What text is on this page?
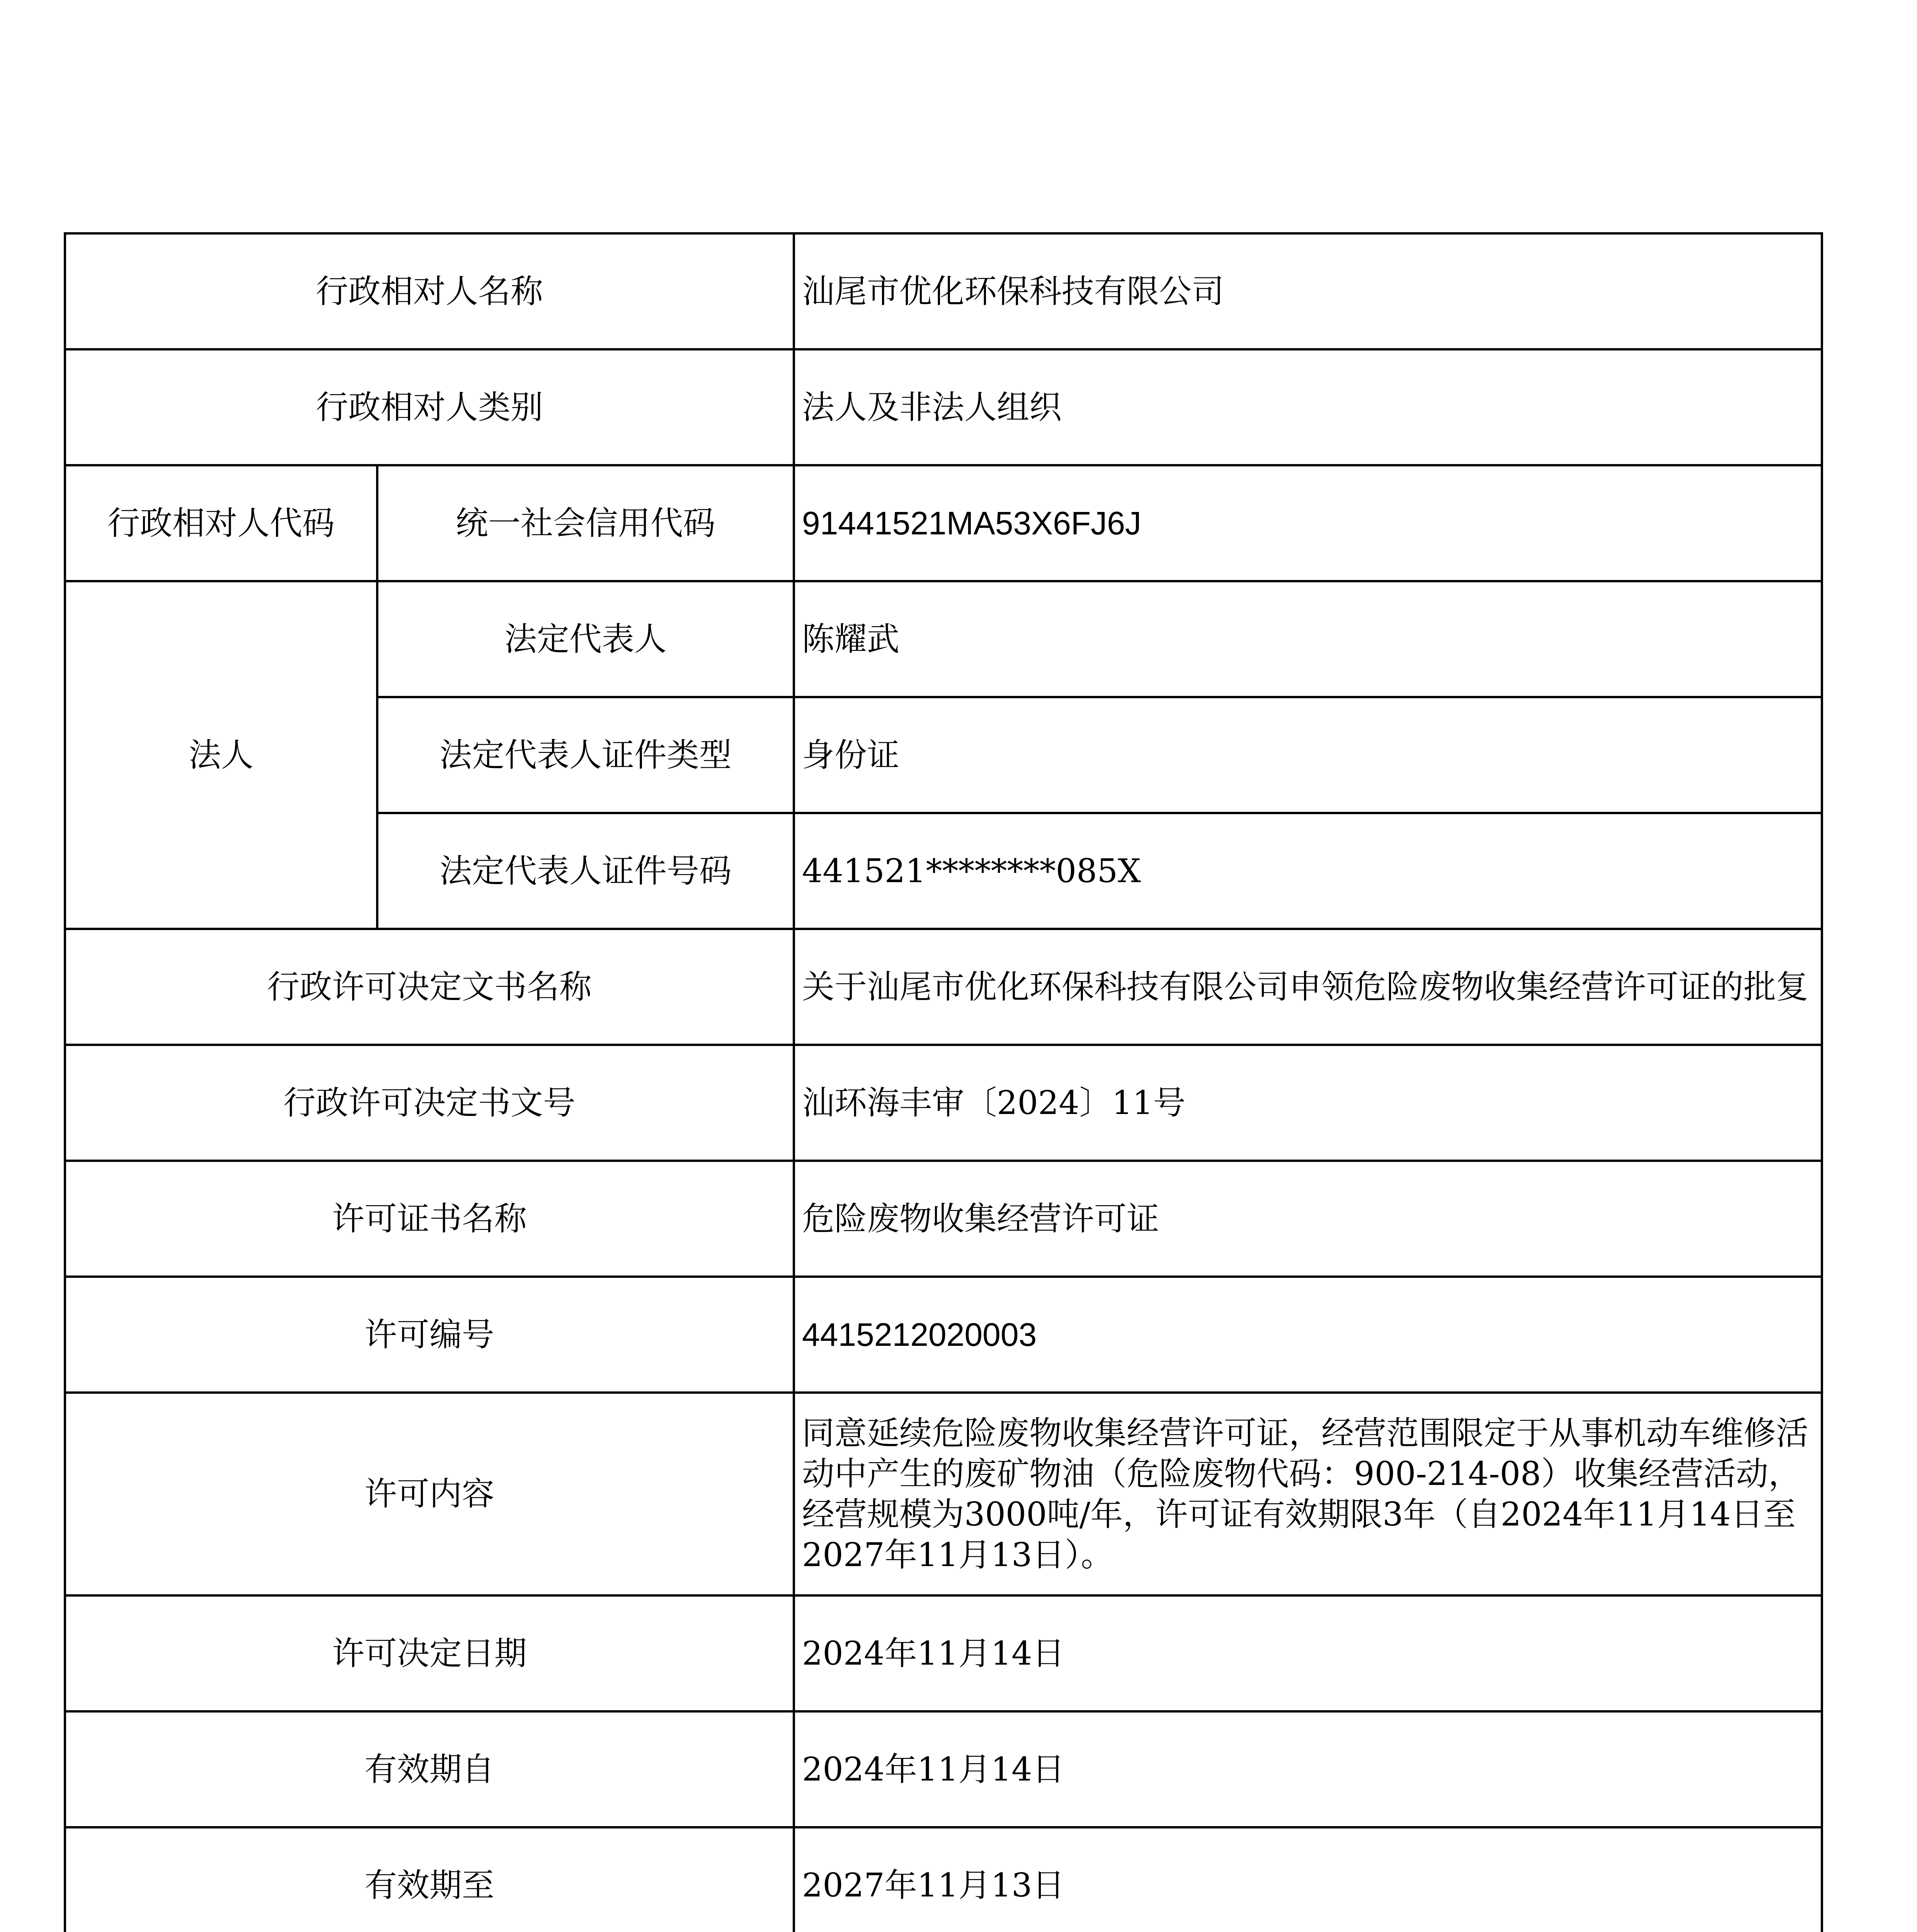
行政相对人名称		汕尾市优化环保科技有限公司
行政相对人类别		法人及非法人组织
行政相对人代码	统一社会信用代码	91441521MA53X6FJ6J
法人	法定代表人	陈耀武
	法定代表人证件类型	身份证
	法定代表人证件号码	441521********085X
行政许可决定文书名称		关于汕尾市优化环保科技有限公司申领危险废物收集经营许可证的批复
行政许可决定书文号		汕环海丰审〔2024〕11号
许可证书名称		危险废物收集经营许可证
许可编号		4415212020003
许可内容		同意延续危险废物收集经营许可证，经营范围限定于从事机动车维修活动中产生的废矿物油（危险废物代码：900-214-08）收集经营活动，经营规模为3000吨/年，许可证有效期限3年（自2024年11月14日至2027年11月13日）。
许可决定日期		2024年11月14日
有效期自		2024年11月14日
有效期至		2027年11月13日
